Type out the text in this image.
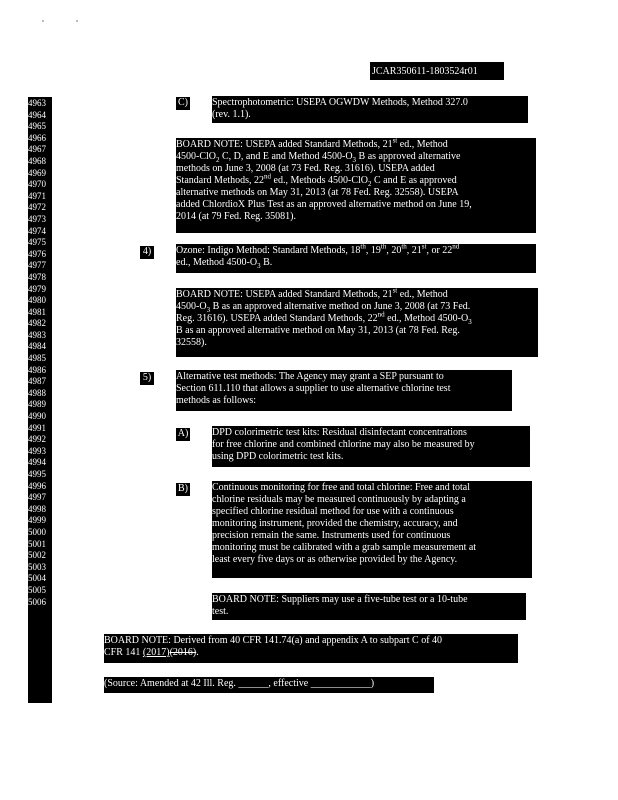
JCAR350611-1803524r01
4963
4964
4965
4966
4967
4968
4969
4970
4971
4972
4973
4974
4975
4976
4977
4978
4979
4980
4981
4982
4983
4984
4985
4986
4987
4988
4989
4990
4991
4992
4993
4994
4995
4996
4997
4998
4999
5000
5001
5002
5003
5004
5005
5006
C) Spectrophotometric: USEPA OGWDW Methods, Method 327.0
(rev. 1.1).
BOARD NOTE: USEPA added Standard Methods, 21st ed., Method
4500-ClO$_2$ C, D, and E and Method $4500-O_3$ B as approved alternative
methods on June 3, 2008 (at 73 Fed. Reg. 31616). USEPA added
Standard Methods, 22nd ed., Methods 4500-ClO$_2$ C and E as approved
alternative methods on May 31, 2013 (at 78 Fed. Reg. 32558). USEPA
added ChlordioX Plus Test as an approved alternative method on June 19,
2014 (at 79 Fed. Reg. 35081).
4) Ozone: Indigo Method: Standard Methods, 18th, 19th, 20th, 21st, or 22nd
ed., Method $4500-O_3$ B.
BOARD NOTE: USEPA added Standard Methods, 21st ed., Method
$4500-O_3$ B as an approved alternative method on June 3, 2008 (at 73 Fed.
Reg. 31616). USEPA added Standard Methods, 22nd ed., Method $4500-O_3$
B as an approved alternative method on May 31, 2013 (at 78 Fed. Reg.
32558).
5) Alternative test methods: The Agency may grant a SEP pursuant to
Section 611.110 that allows a supplier to use alternative chlorine test
methods as follows:
A) DPD colorimetric test kits: Residual disinfectant concentrations
for free chlorine and combined chlorine may also be measured by
using DPD colorimetric test kits.
B) Continuous monitoring for free and total chlorine: Free and total
chlorine residuals may be measured continuously by adapting a
specified chlorine residual method for use with a continuous
monitoring instrument, provided the chemistry, accuracy, and
precision remain the same. Instruments used for continuous
monitoring must be calibrated with a grab sample measurement at
least every five days or as otherwise provided by the Agency.
BOARD NOTE: Suppliers may use a five-tube test or a 10-tube
test.
BOARD NOTE: Derived from 40 CFR 141.74(a) and appendix A to subpart C of 40
CFR 141 (2017)(2016).
(Source: Amended at 42 Ill. Reg. ______, effective ____________)
